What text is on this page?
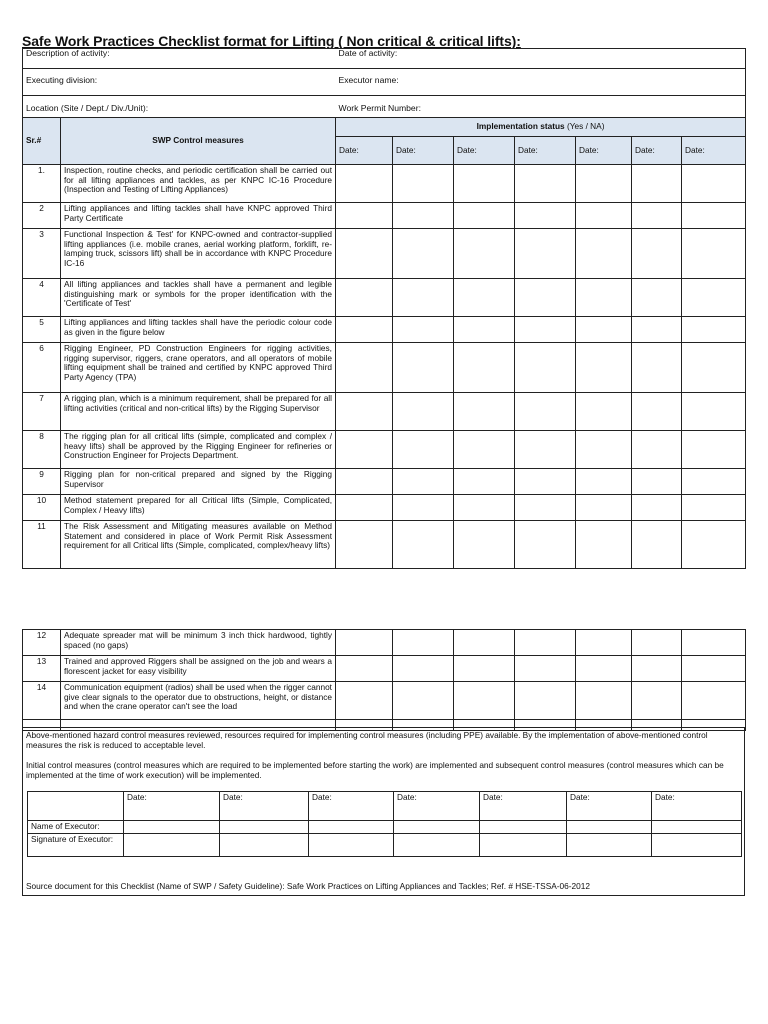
Safe Work Practices Checklist format for Lifting ( Non critical & critical lifts):
Description of activity:		Date of activity:						
Executing division:		Executor name:						
Location (Site / Dept./ Div./Unit):		Work Permit Number:						
Sr.#	SWP Control measures	Implementation status (Yes / NA)						
		Date:	Date:	Date:	Date:	Date:	Date:	Date:
1.	Inspection, routine checks, and periodic certification shall be carried out for all lifting appliances and tackles, as per KNPC IC-16 Procedure (Inspection and Testing of Lifting Appliances)							
2	Lifting appliances and lifting tackles shall have KNPC approved Third Party Certificate							
3	Functional Inspection & Test' for KNPC-owned and contractor-supplied lifting appliances (i.e. mobile cranes, aerial working platform, forklift, re-lamping truck, scissors lift) shall be in accordance with KNPC Procedure IC-16							
4	All lifting appliances and tackles shall have a permanent and legible distinguishing mark or symbols for the proper identification with the 'Certificate of Test'							
5	Lifting appliances and lifting tackles shall have the periodic colour code as given in the figure below							
6	Rigging Engineer, PD Construction Engineers for rigging activities, rigging supervisor, riggers, crane operators, and all operators of mobile lifting equipment shall be trained and certified by KNPC approved Third Party Agency (TPA)							
7	A rigging plan, which is a minimum requirement, shall be prepared for all lifting activities (critical and non-critical lifts) by the Rigging Supervisor							
8	The rigging plan for all critical lifts (simple, complicated and complex / heavy lifts) shall be approved by the Rigging Engineer for refineries or Construction Engineer for Projects Department.							
9	Rigging plan for non-critical prepared and signed by the Rigging Supervisor							
10	Method statement prepared for all Critical lifts (Simple, Complicated, Complex / Heavy lifts)							
11	The Risk Assessment and Mitigating measures available on Method Statement and considered in place of Work Permit Risk Assessment requirement for all Critical lifts (Simple, complicated, complex/heavy lifts)							
12	Adequate spreader mat will be minimum 3 inch thick hardwood, tightly spaced (no gaps)							
13	Trained and approved Riggers shall be assigned on the job and wears a florescent jacket for easy visibility							
14	Communication equipment (radios) shall be used when the rigger cannot give clear signals to the operator due to obstructions, height, or distance and when the crane operator can't see the load							

Above-mentioned hazard control measures reviewed, resources required for implementing control measures (including PPE) available. By the implementation of above-mentioned control measures the risk is reduced to acceptable level.

Initial control measures (control measures which are required to be implemented before starting the work) are implemented and subsequent control measures (control measures which can be implemented at the time of work execution) will be implemented.

Source document for this Checklist (Name of SWP / Safety Guideline): Safe Work Practices on Lifting Appliances and Tackles; Ref. # HSE-TSSA-06-2012

	Date:	Date:	Date:	Date:	Date:	Date:	Date:
Name of Executor:							
Signature of Executor:							
